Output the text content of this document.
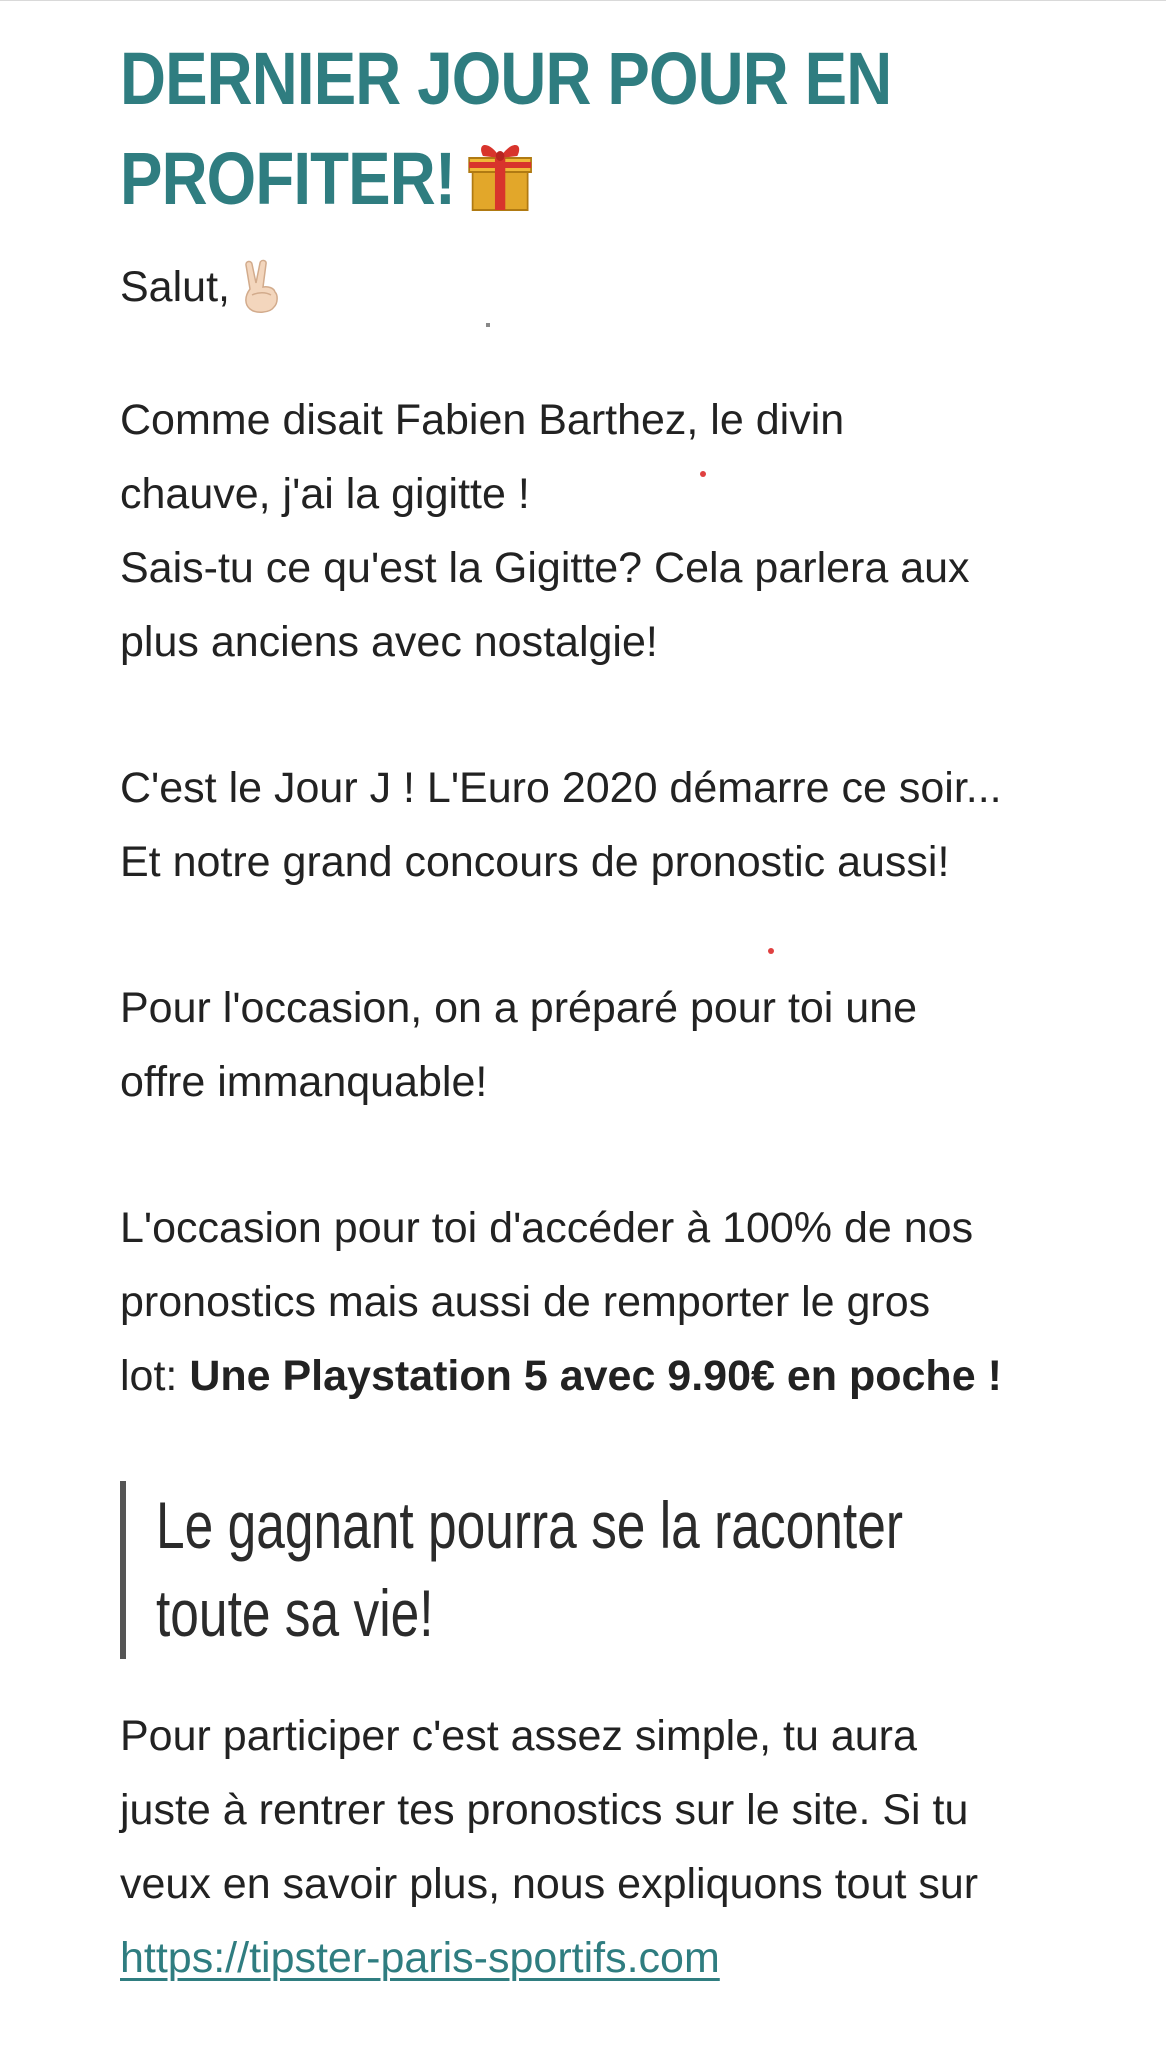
DERNIER JOUR POUR EN
PROFITER!
Salut,

Comme disait Fabien Barthez, le divin
chauve, j'ai la gigitte !
Sais-tu ce qu'est la Gigitte? Cela parlera aux
plus anciens avec nostalgie!

C'est le Jour J ! L'Euro 2020 démarre ce soir...
Et notre grand concours de pronostic aussi!

Pour l'occasion, on a préparé pour toi une
offre immanquable!

L'occasion pour toi d'accéder à 100% de nos
pronostics mais aussi de remporter le gros
lot: Une Playstation 5 avec 9.90€ en poche !

Le gagnant pourra se la raconter
toute sa vie!

Pour participer c'est assez simple, tu aura
juste à rentrer tes pronostics sur le site. Si tu
veux en savoir plus, nous expliquons tout sur
https://tipster-paris-sportifs.com
